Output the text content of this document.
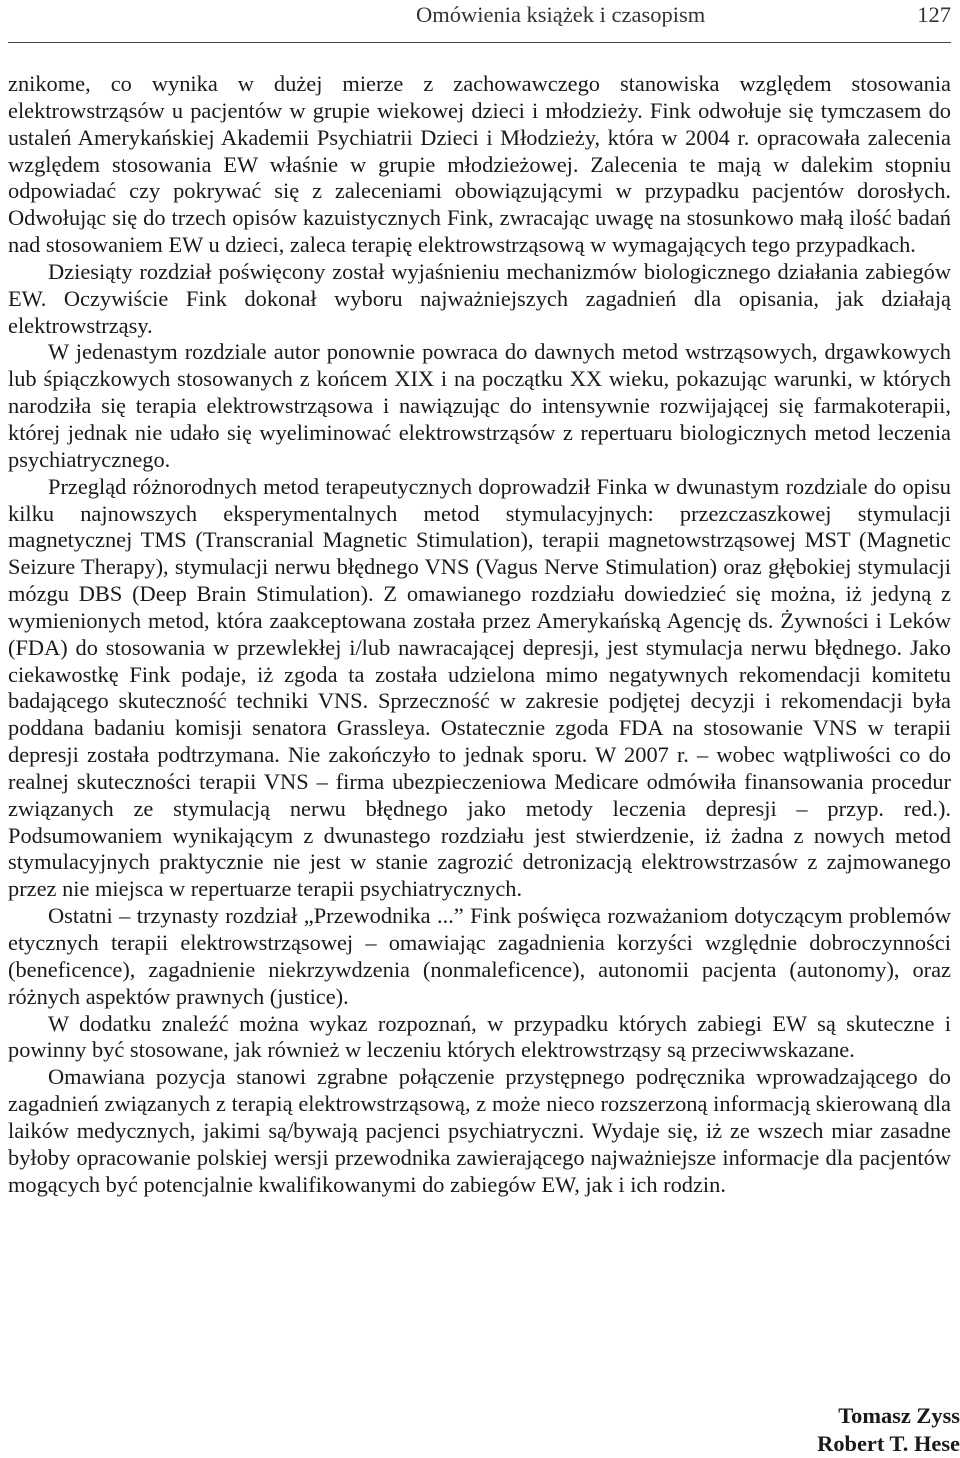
Omówienia książek i czasopism	127

znikome, co wynika w dużej mierze z zachowawczego stanowiska względem stosowania elektrowstrząsów u pacjentów w grupie wiekowej dzieci i młodzieży. Fink odwołuje się tymczasem do ustaleń Amerykańskiej Akademii Psychiatrii Dzieci i Młodzieży, która w 2004 r. opracowała zalecenia względem stosowania EW właśnie w grupie młodzieżowej. Zalecenia te mają w dalekim stopniu odpowiadać czy pokrywać się z zaleceniami obowiązującymi w przypadku pacjentów dorosłych. Odwołując się do trzech opisów kazuistycznych Fink, zwracając uwagę na stosunkowo małą ilość badań nad stosowaniem EW u dzieci, zaleca terapię elektrowstrząsową w wymagających tego przypadkach.

Dziesiąty rozdział poświęcony został wyjaśnieniu mechanizmów biologicznego działania zabiegów EW. Oczywiście Fink dokonał wyboru najważniejszych zagadnień dla opisania, jak działają elektrowstrząsy.

W jedenastym rozdziale autor ponownie powraca do dawnych metod wstrząsowych, drgawkowych lub śpiączkowych stosowanych z końcem XIX i na początku XX wieku, pokazując warunki, w których narodziła się terapia elektrowstrząsowa i nawiązując do intensywnie rozwijającej się farmakoterapii, której jednak nie udało się wyeliminować elektrowstrząsów z repertuaru biologicznych metod leczenia psychiatrycznego.

Przegląd różnorodnych metod terapeutycznych doprowadził Finka w dwunastym rozdziale do opisu kilku najnowszych eksperymentalnych metod stymulacyjnych: przezczaszkowej stymulacji magnetycznej TMS (Transcranial Magnetic Stimulation), terapii magnetowstrząsowej MST (Magnetic Seizure Therapy), stymulacji nerwu błędnego VNS (Vagus Nerve Stimulation) oraz głębokiej stymulacji mózgu DBS (Deep Brain Stimulation). Z omawianego rozdziału dowiedzieć się można, iż jedyną z wymienionych metod, która zaakceptowana została przez Amerykańską Agencję ds. Żywności i Leków (FDA) do stosowania w przewlekłej i/lub nawracającej depresji, jest stymulacja nerwu błędnego. Jako ciekawostkę Fink podaje, iż zgoda ta została udzielona mimo negatywnych rekomendacji komitetu badającego skuteczność techniki VNS. Sprzeczność w zakresie podjętej decyzji i rekomendacji była poddana badaniu komisji senatora Grassleya. Ostatecznie zgoda FDA na stosowanie VNS w terapii depresji została podtrzymana. Nie zakończyło to jednak sporu. W 2007 r. – wobec wątpliwości co do realnej skuteczności terapii VNS – firma ubezpieczeniowa Medicare odmówiła finansowania procedur związanych ze stymulacją nerwu błędnego jako metody leczenia depresji – przyp. red.). Podsumowaniem wynikającym z dwunastego rozdziału jest stwierdzenie, iż żadna z nowych metod stymulacyjnych praktycznie nie jest w stanie zagrozić detronizacją elektrowstrzasów z zajmowanego przez nie miejsca w repertuarze terapii psychiatrycznych.

Ostatni – trzynasty rozdział „Przewodnika ...” Fink poświęca rozważaniom dotyczącym problemów etycznych terapii elektrowstrząsowej – omawiając zagadnienia korzyści względnie dobroczynności (beneficence), zagadnienie niekrzywdzenia (nonmaleficence), autonomii pacjenta (autonomy), oraz różnych aspektów prawnych (justice).

W dodatku znaleźć można wykaz rozpoznań, w przypadku których zabiegi EW są skuteczne i powinny być stosowane, jak również w leczeniu których elektrowstrząsy są przeciwwskazane.

Omawiana pozycja stanowi zgrabne połączenie przystępnego podręcznika wprowadzającego do zagadnień związanych z terapią elektrowstrząsową, z może nieco rozszerzoną informacją skierowaną dla laików medycznych, jakimi są/bywają pacjenci psychiatryczni. Wydaje się, iż ze wszech miar zasadne byłoby opracowanie polskiej wersji przewodnika zawierającego najważniejsze informacje dla pacjentów mogących być potencjalnie kwalifikowanymi do zabiegów EW, jak i ich rodzin.

Tomasz Zyss
Robert T. Hese
